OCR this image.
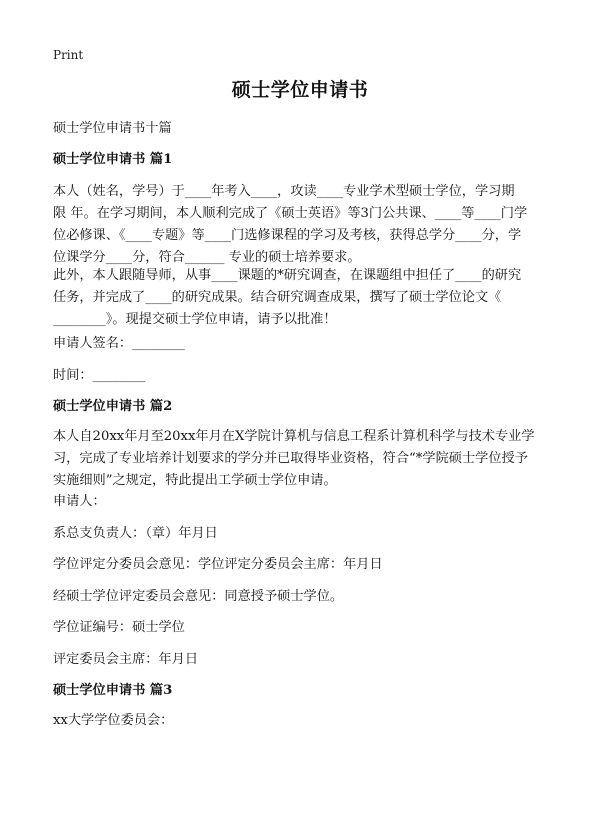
Print
硕士学位申请书
硕士学位申请书十篇
硕士学位申请书 篇1
本人（姓名，学号）于____年考入____，攻读____专业学术型硕士学位，学习期
限 年。在学习期间，本人顺利完成了《硕士英语》等3门公共课、____等____门学
位必修课、《____专题》等____门选修课程的学习及考核，获得总学分____分，学
位课学分____分，符合______ 专业的硕士培养要求。
此外，本人跟随导师，从事____课题的*研究调查，在课题组中担任了____的研究
任务，并完成了____的研究成果。结合研究调查成果，撰写了硕士学位论文《
________》。现提交硕士学位申请，请予以批准！
申请人签名：________
时间：________
硕士学位申请书 篇2
本人自20xx年月至20xx年月在X学院计算机与信息工程系计算机科学与技术专业学
习，完成了专业培养计划要求的学分并已取得毕业资格，符合“*学院硕士学位授予
实施细则”之规定，特此提出工学硕士学位申请。
申请人：
系总支负责人：（章）年月日
学位评定分委员会意见：学位评定分委员会主席：年月日
经硕士学位评定委员会意见：同意授予硕士学位。
学位证编号：硕士学位
评定委员会主席：年月日
硕士学位申请书 篇3
xx大学学位委员会：
